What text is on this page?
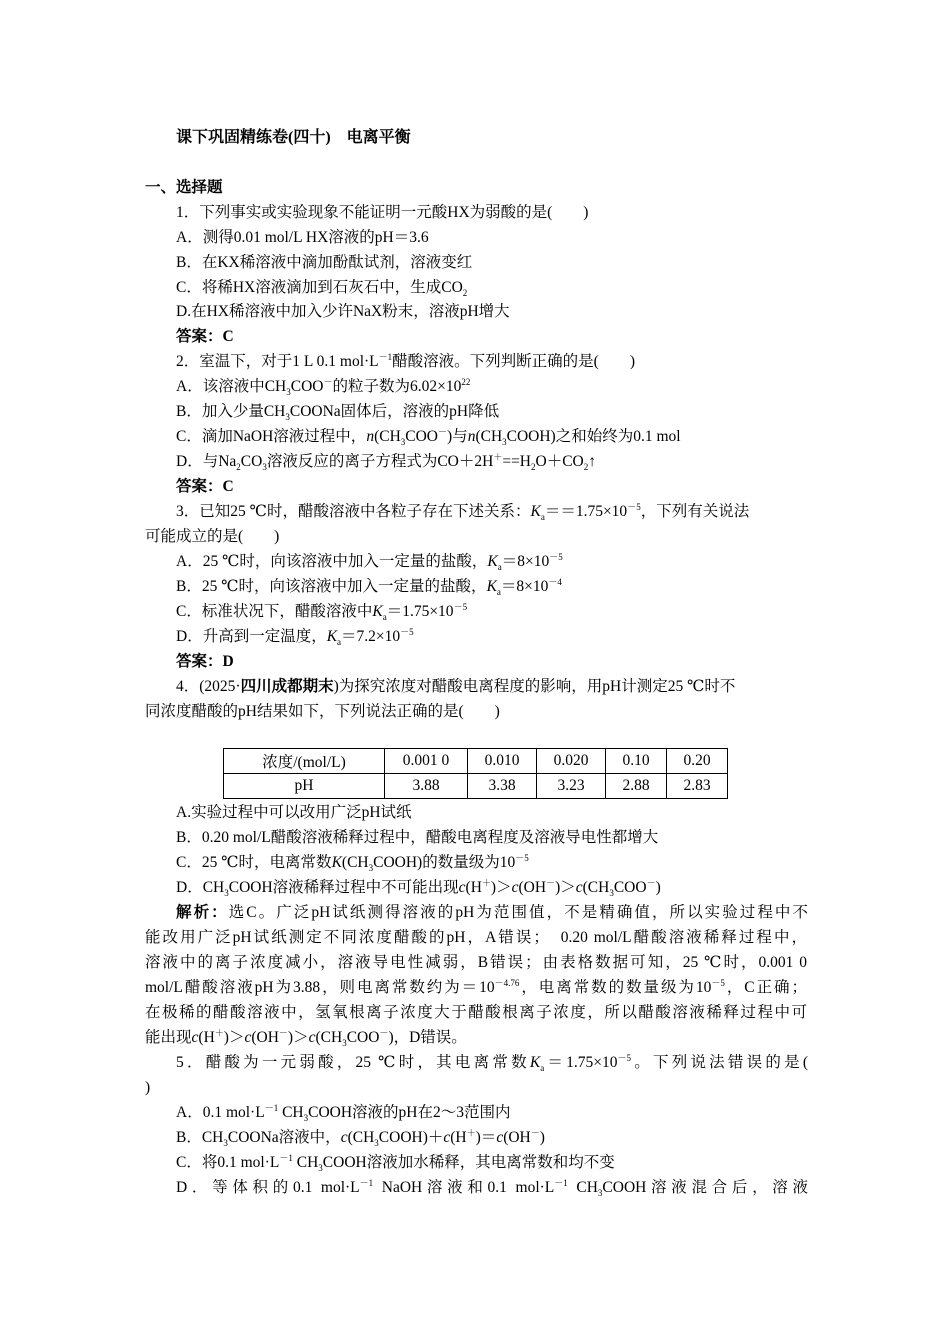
课下巩固精练卷(四十)　电离平衡
一、选择题
1．下列事实或实验现象不能证明一元酸HX为弱酸的是(　　)
A．测得0.01 mol/L HX溶液的pH＝3.6
B．在KX稀溶液中滴加酚酞试剂，溶液变红
C．将稀HX溶液滴加到石灰石中，生成$CO_2$
D.在HX稀溶液中加入少许NaX粉末，溶液pH增大
答案：C
2．室温下，对于1 L 0.1 $mol\cdot L^{-1}$醋酸溶液。下列判断正确的是(　　)
A．该溶液中$CH_3COO^-$的粒子数为$6.02\times 10^{22}$
B．加入少量$CH_3COONa$固体后，溶液的pH降低
C．滴加NaOH溶液过程中，$n(CH_3COO^-)$与$n(CH_3COOH)$之和始终为0.1 mol
D．与$Na_2CO_3$溶液反应的离子方程式为$CO+2H^+==H_2O+CO_2↑$
答案：C
3．已知25 ℃时，醋酸溶液中各粒子存在下述关系：$K_a==1.75\times 10^{-5}$，下列有关说法
可能成立的是(　　)
A．25 ℃时，向该溶液中加入一定量的盐酸，$K_a=8\times 10^{-5}$
B．25 ℃时，向该溶液中加入一定量的盐酸，$K_a=8\times 10^{-4}$
C．标准状况下，醋酸溶液中$K_a=1.75\times 10^{-5}$
D．升高到一定温度，$K_a=7.2\times 10^{-5}$
答案：D
4．(2025·四川成都期末)为探究浓度对醋酸电离程度的影响，用pH计测定25 ℃时不
同浓度醋酸的pH结果如下，下列说法正确的是(　　)
浓度/(mol/L)	0.001 0	0.010	0.020	0.10	0.20
pH	3.88	3.38	3.23	2.88	2.83
A.实验过程中可以改用广泛pH试纸
B．0.20 mol/L醋酸溶液稀释过程中，醋酸电离程度及溶液导电性都增大
C．25 ℃时，电离常数$K(CH_3COOH)$的数量级为$10^{-5}$
D．$CH_3COOH$溶液稀释过程中不可能出现$c(H^+)>c(OH^-)>c(CH_3COO^-)$
解析：选C。广泛pH试纸测得溶液的pH为范围值，不是精确值，所以实验过程中不
能改用广泛pH试纸测定不同浓度醋酸的pH，A错误；　0.20 mol/L醋酸溶液稀释过程中，
溶液中的离子浓度减小，溶液导电性减弱，B错误；由表格数据可知，25 ℃时，0.001 0
mol/L醋酸溶液pH为3.88，则电离常数约为$=10^{-4.76}$，电离常数的数量级为$10^{-5}$，C正确；
在极稀的醋酸溶液中，氢氧根离子浓度大于醋酸根离子浓度，所以醋酸溶液稀释过程中可
能出现$c(H^+)>c(OH^-)>c(CH_3COO^-)$，D错误。
5．醋酸为一元弱酸，25 ℃时，其电离常数$K_a=1.75\times 10^{-5}$。下列说法错误的是(
)
A．0.1 $mol\cdot L^{-1}$ $CH_3COOH$溶液的pH在2～3范围内
B．$CH_3COONa$溶液中，$c(CH_3COOH)+c(H^+)=c(OH^-)$
C．将0.1 $mol\cdot L^{-1}$ $CH_3COOH$溶液加水稀释，其电离常数和均不变
D．等体积的0.1 $mol\cdot L^{-1}$ NaOH溶液和0.1 $mol\cdot L^{-1}$ $CH_3COOH$溶液混合后，溶液
